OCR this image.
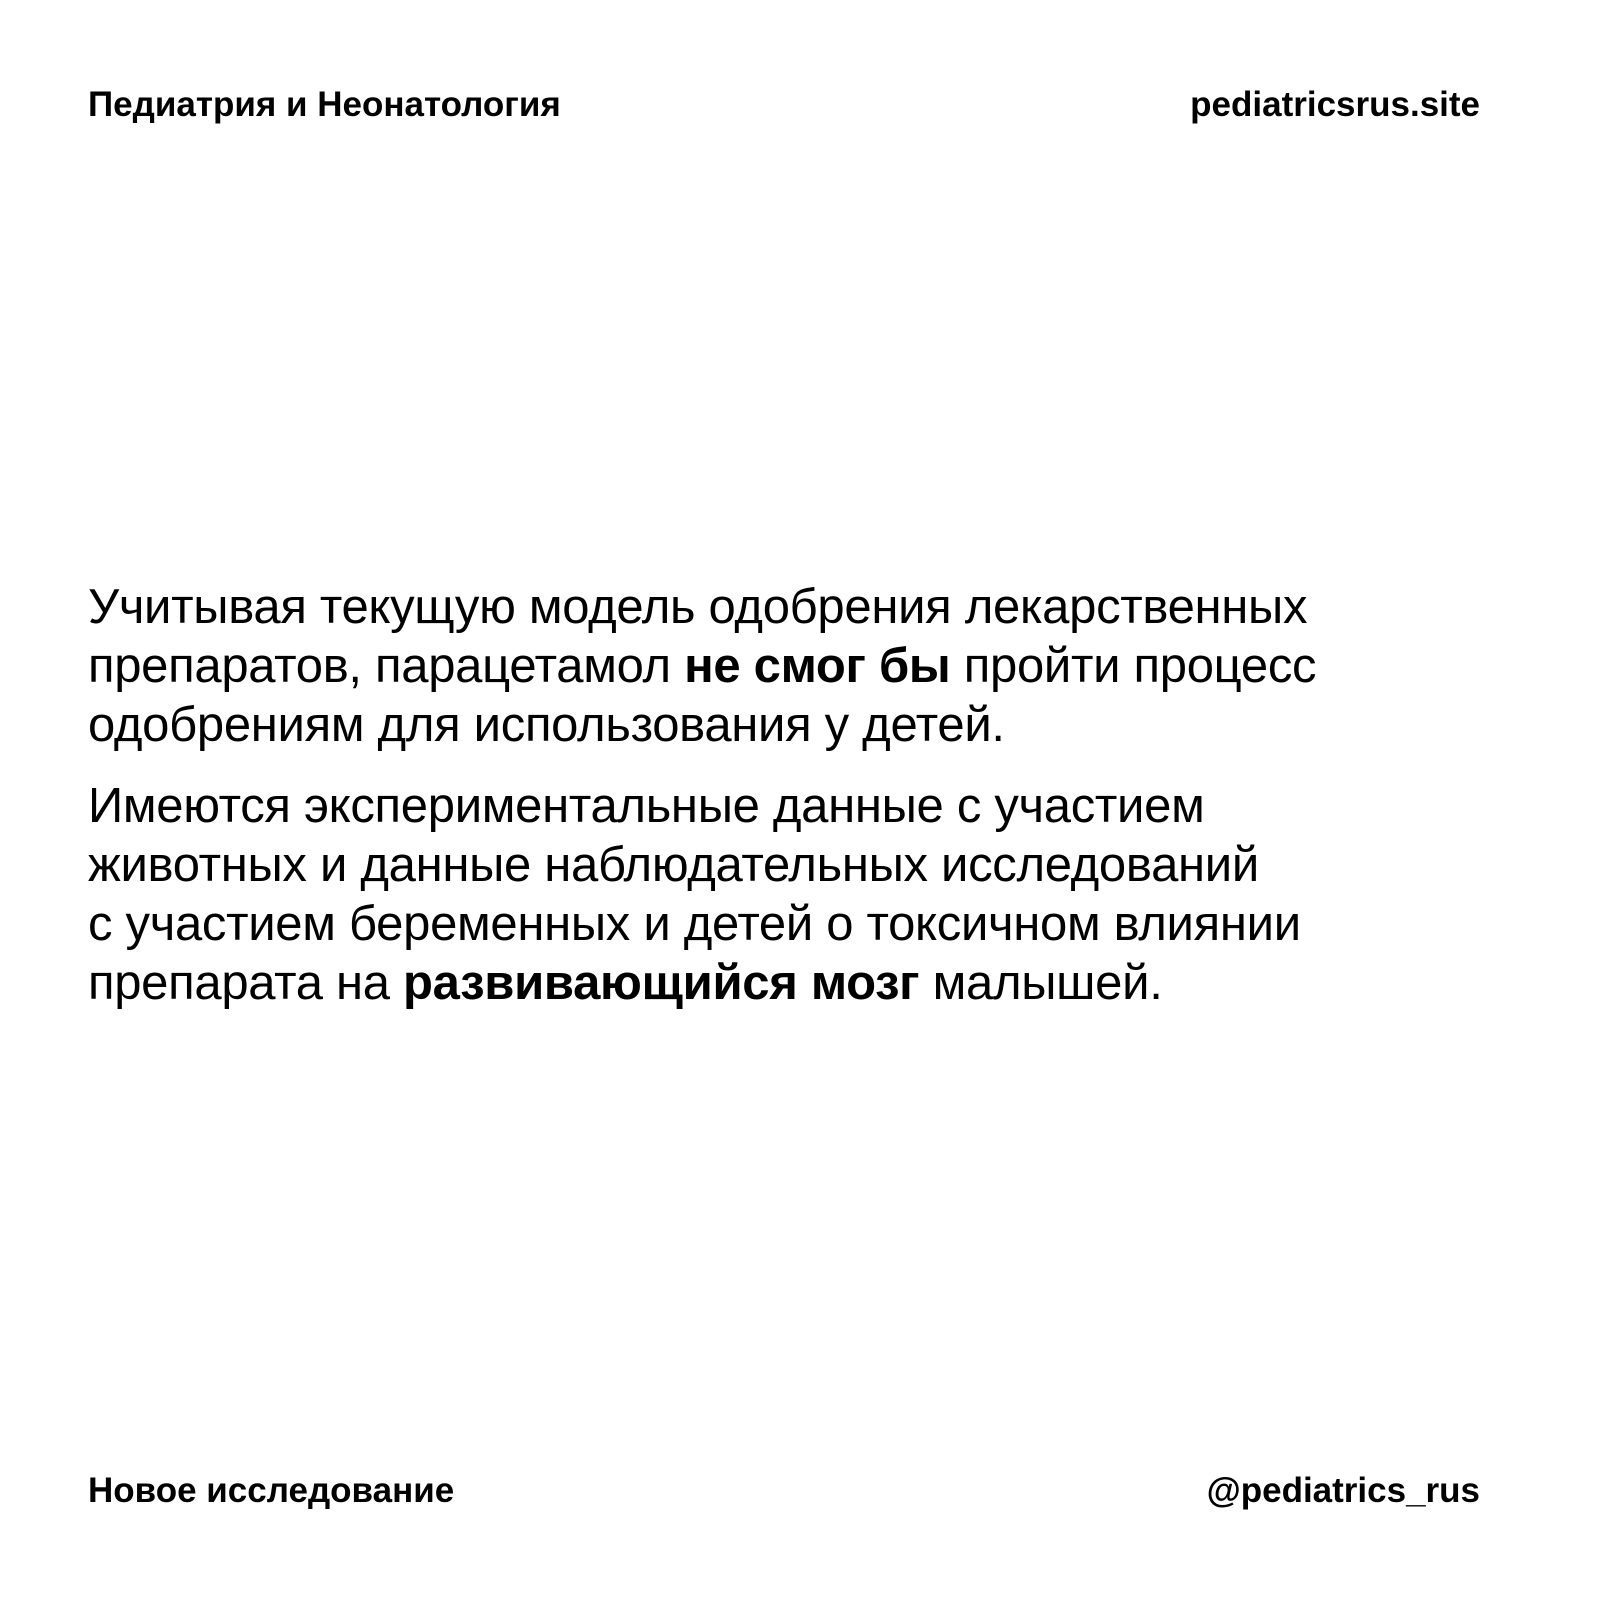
Педиатрия и Неонатология	pediatricsrus.site

Учитывая текущую модель одобрения лекарственных
препаратов, парацетамол не смог бы пройти процесс
одобрениям для использования у детей.

Имеются экспериментальные данные с участием
животных и данные наблюдательных исследований
с участием беременных и детей о токсичном влиянии
препарата на развивающийся мозг малышей.

Новое исследование	@pediatrics_rus
